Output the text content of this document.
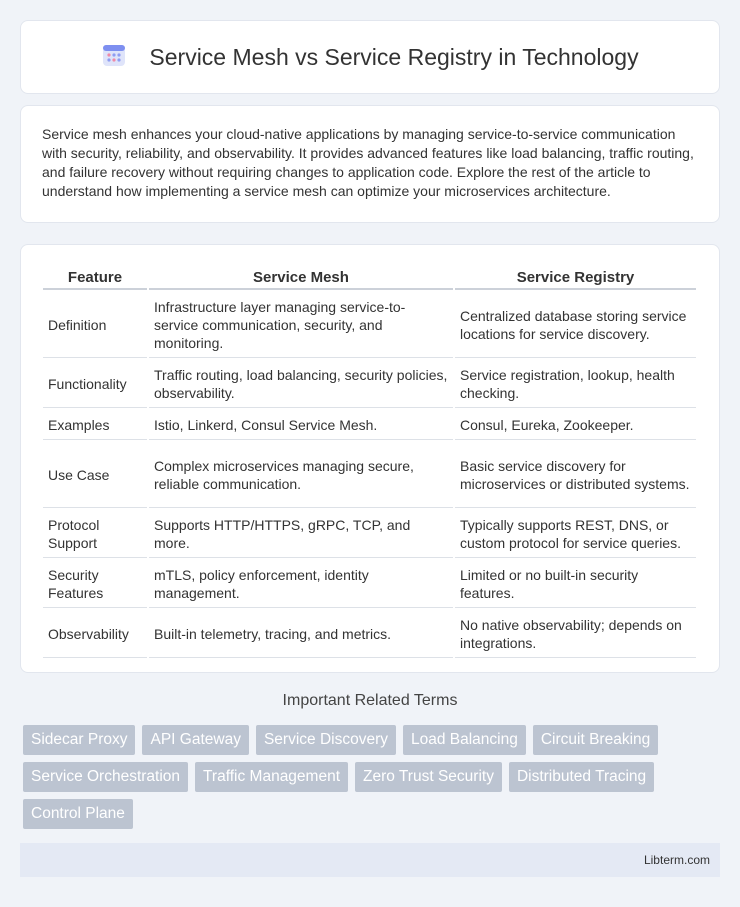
Service Mesh vs Service Registry in Technology

Service mesh enhances your cloud-native applications by managing service-to-service communication with security, reliability, and observability. It provides advanced features like load balancing, traffic routing, and failure recovery without requiring changes to application code. Explore the rest of the article to understand how implementing a service mesh can optimize your microservices architecture.

Feature	Service Mesh	Service Registry
Definition	Infrastructure layer managing service-to-service communication, security, and monitoring.	Centralized database storing service locations for service discovery.
Functionality	Traffic routing, load balancing, security policies, observability.	Service registration, lookup, health checking.
Examples	Istio, Linkerd, Consul Service Mesh.	Consul, Eureka, Zookeeper.
Use Case	Complex microservices managing secure, reliable communication.	Basic service discovery for microservices or distributed systems.
Protocol Support	Supports HTTP/HTTPS, gRPC, TCP, and more.	Typically supports REST, DNS, or custom protocol for service queries.
Security Features	mTLS, policy enforcement, identity management.	Limited or no built-in security features.
Observability	Built-in telemetry, tracing, and metrics.	No native observability; depends on integrations.
Important Related Terms
Sidecar Proxy	API Gateway	Service Discovery	Load Balancing	Circuit Breaking
Service Orchestration	Traffic Management	Zero Trust Security	Distributed Tracing
Control Plane
Libterm.com
